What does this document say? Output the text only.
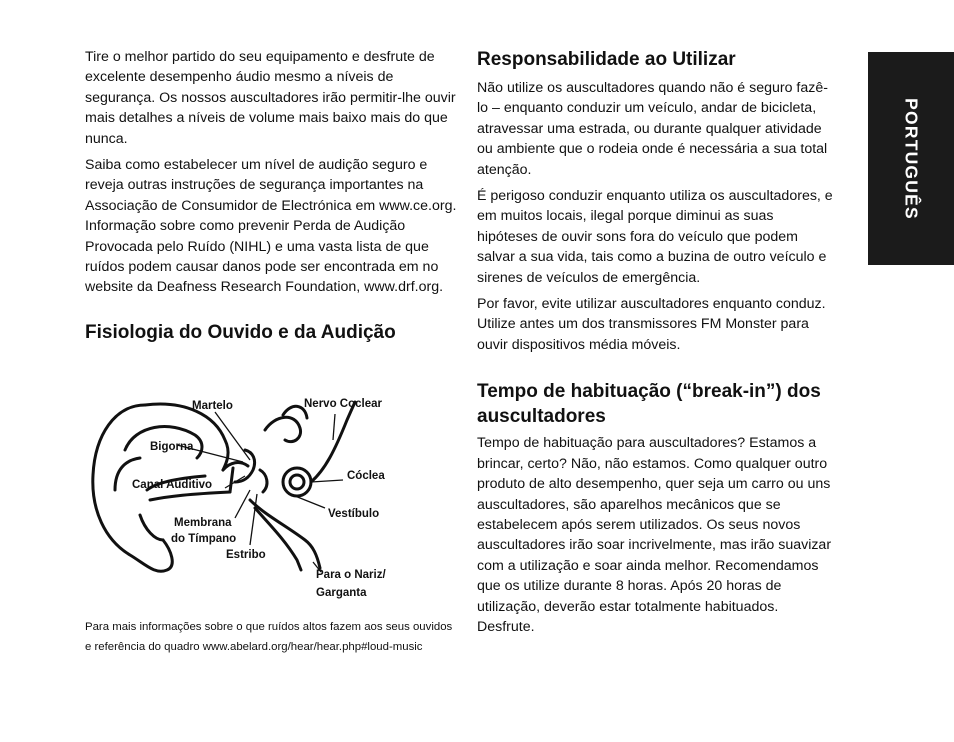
PORTUGUÊS

Tire o melhor partido do seu equipamento e desfrute de excelente desempenho áudio mesmo a níveis de segurança. Os nossos auscultadores irão permitir-lhe ouvir mais detalhes a níveis de volume mais baixo mais do que nunca.

Saiba como estabelecer um nível de audição seguro e reveja outras instruções de segurança importantes na Associação de Consumidor de Electrónica em www.ce.org. Informação sobre como prevenir Perda de Audição Provocada pelo Ruído (NIHL) e uma vasta lista de que ruídos podem causar danos pode ser encontrada em no website da Deafness Research Foundation, www.drf.org.

Fisiologia do Ouvido e da Audição
Martelo	Nervo Coclear
Bigorna
Cóclea
Canal Auditivo
Vestíbulo
Membrana
do Tímpano
Estribo
Para o Nariz/
Garganta
Para mais informações sobre o que ruídos altos fazem aos seus ouvidos e referência do quadro www.abelard.org/hear/hear.php#loud-music
Responsabilidade ao Utilizar

Não utilize os auscultadores quando não é seguro fazê-lo – enquanto conduzir um veículo, andar de bicicleta, atravessar uma estrada, ou durante qualquer atividade ou ambiente que o rodeia onde é necessária a sua total atenção.

É perigoso conduzir enquanto utiliza os auscultadores, e em muitos locais, ilegal porque diminui as suas hipóteses de ouvir sons fora do veículo que podem salvar a sua vida, tais como a buzina de outro veículo e sirenes de veículos de emergência.

Por favor, evite utilizar auscultadores enquanto conduz. Utilize antes um dos transmissores FM Monster para ouvir dispositivos média móveis.

Tempo de habituação (“break-in”) dos auscultadores

Tempo de habituação para auscultadores? Estamos a brincar, certo? Não, não estamos. Como qualquer outro produto de alto desempenho, quer seja um carro ou uns auscultadores, são aparelhos mecânicos que se estabelecem após serem utilizados. Os seus novos auscultadores irão soar incrivelmente, mas irão suavizar com a utilização e soar ainda melhor. Recomendamos que os utilize durante 8 horas. Após 20 horas de utilização, deverão estar totalmente habituados. Desfrute.
